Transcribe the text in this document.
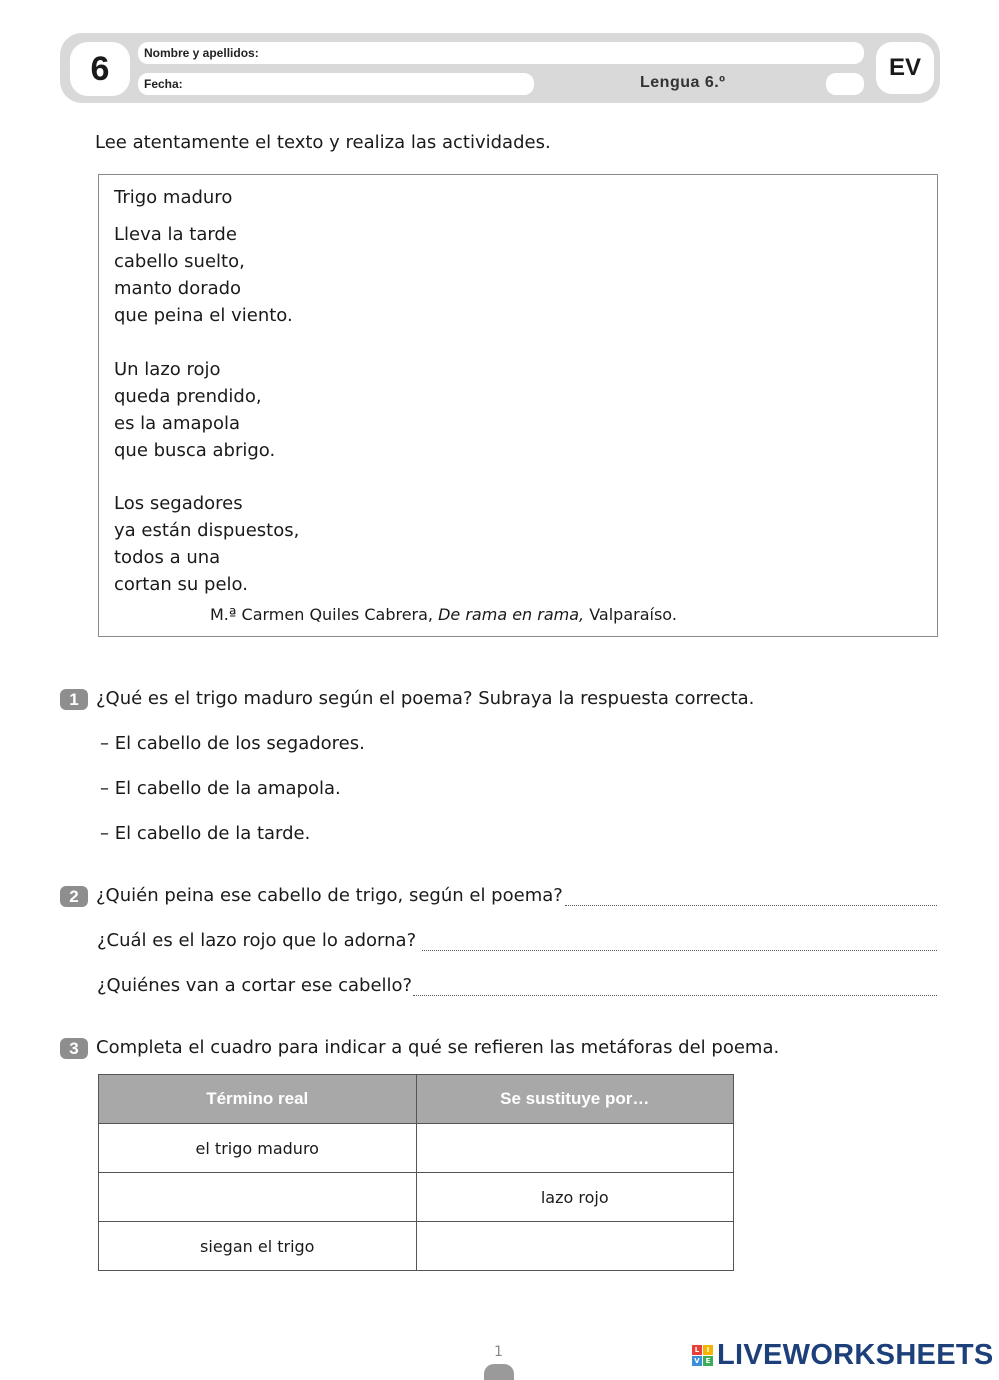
6	Nombre y apellidos:
Fecha:	Lengua 6.º
EV
Lee atentamente el texto y realiza las actividades.
Trigo maduro
Lleva la tarde
cabello suelto,
manto dorado
que peina el viento.
Un lazo rojo
queda prendido,
es la amapola
que busca abrigo.
Los segadores
ya están dispuestos,
todos a una
cortan su pelo.
M.ª Carmen Quiles Cabrera, De rama en rama, Valparaíso.
1 ¿Qué es el trigo maduro según el poema? Subraya la respuesta correcta.
– El cabello de los segadores.
– El cabello de la amapola.
– El cabello de la tarde.
2 ¿Quién peina ese cabello de trigo, según el poema?
¿Cuál es el lazo rojo que lo adorna?
¿Quiénes van a cortar ese cabello?
3 Completa el cuadro para indicar a qué se refieren las metáforas del poema.
Término real	Se sustituye por…
el trigo maduro	
	lazo rojo
siegan el trigo	
1	L	I
V E LIVEWORKSHEETS
